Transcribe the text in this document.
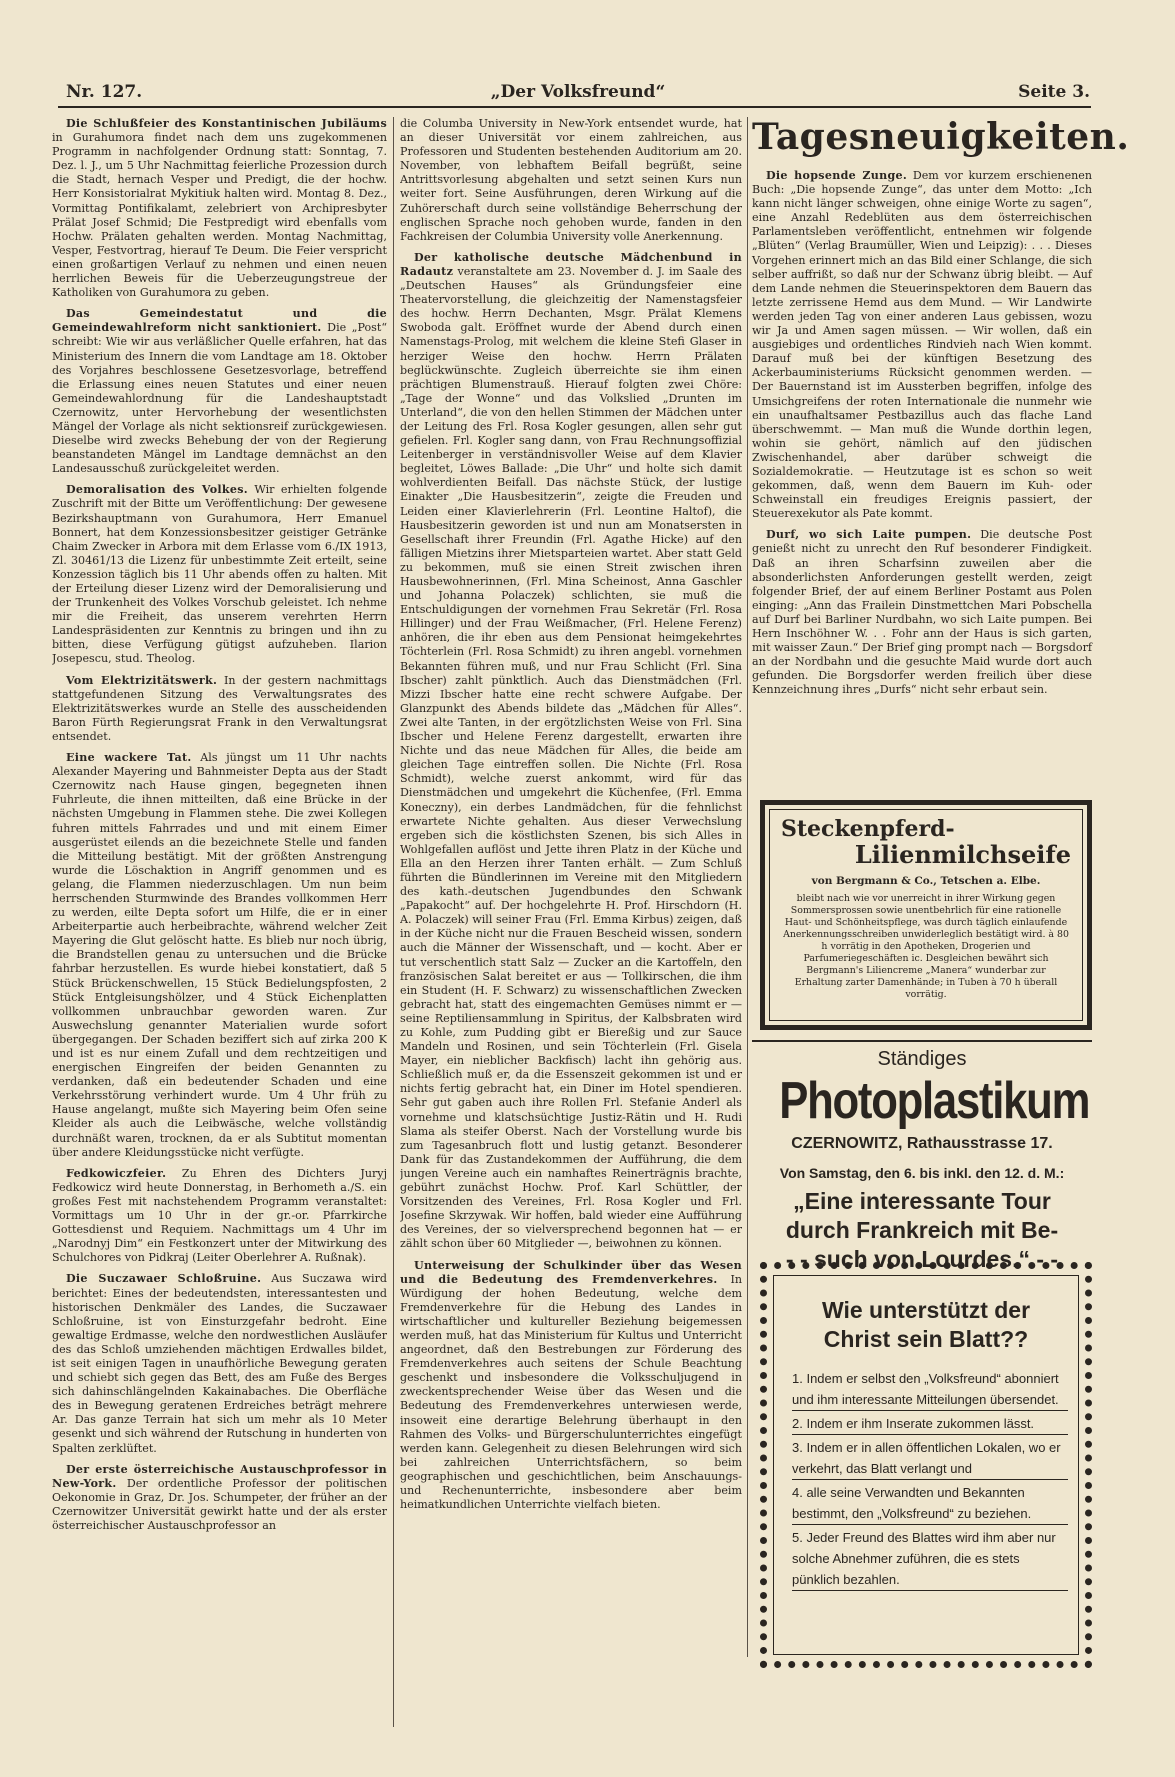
„Der Volksfreund“
Nr. 127.	Seite 3.

Die Schlußfeier des Konstantinischen Jubiläums in Gurahumora findet nach dem uns zugekommenen Programm in nachfolgender Ordnung statt: Sonntag, 7. Dez. l. J., um 5 Uhr Nachmittag feierliche Prozession durch die Stadt, hernach Vesper und Predigt, die der hochw. Herr Konsistorialrat Mykitiuk halten wird. Montag 8. Dez., Vormittag Pontifikalamt, zelebriert von Archipresbyter Prälat Josef Schmid; Die Festpredigt wird ebenfalls vom Hochw. Prälaten gehalten werden. Montag Nachmittag, Vesper, Festvortrag, hierauf Te Deum. Die Feier verspricht einen großartigen Verlauf zu nehmen und einen neuen herrlichen Beweis für die Ueberzeugungstreue der Katholiken von Gurahumora zu geben.

Das Gemeindestatut und die Gemeindewahlreform nicht sanktioniert. Die „Post“ schreibt: Wie wir aus verläßlicher Quelle erfahren, hat das Ministerium des Innern die vom Landtage am 18. Oktober des Vorjahres beschlossene Gesetzesvorlage, betreffend die Erlassung eines neuen Statutes und einer neuen Gemeindewahlordnung für die Landeshauptstadt Czernowitz, unter Hervorhebung der wesentlichsten Mängel der Vorlage als nicht sektionsreif zurückgewiesen. Dieselbe wird zwecks Behebung der von der Regierung beanstandeten Mängel im Landtage demnächst an den Landesausschuß zurückgeleitet werden.

Demoralisation des Volkes. Wir erhielten folgende Zuschrift mit der Bitte um Veröffentlichung: Der gewesene Bezirkshauptmann von Gurahumora, Herr Emanuel Bonnert, hat dem Konzessionsbesitzer geistiger Getränke Chaim Zwecker in Arbora mit dem Erlasse vom 6./IX 1913, Zl. 30461/13 die Lizenz für unbestimmte Zeit erteilt, seine Konzession täglich bis 11 Uhr abends offen zu halten. Mit der Erteilung dieser Lizenz wird der Demoralisierung und der Trunkenheit des Volkes Vorschub geleistet. Ich nehme mir die Freiheit, das unserem verehrten Herrn Landespräsidenten zur Kenntnis zu bringen und ihn zu bitten, diese Verfügung gütigst aufzuheben. Ilarion Josepescu, stud. Theolog.

Vom Elektrizitätswerk. In der gestern nachmittags stattgefundenen Sitzung des Verwaltungsrates des Elektrizitätswerkes wurde an Stelle des ausscheidenden Baron Fürth Regierungsrat Frank in den Verwaltungsrat entsendet.

Eine wackere Tat. Als jüngst um 11 Uhr nachts Alexander Mayering und Bahnmeister Depta aus der Stadt Czernowitz nach Hause gingen, begegneten ihnen Fuhrleute, die ihnen mitteilten, daß eine Brücke in der nächsten Umgebung in Flammen stehe. Die zwei Kollegen fuhren mittels Fahrrades und und mit einem Eimer ausgerüstet eilends an die bezeichnete Stelle und fanden die Mitteilung bestätigt. Mit der größten Anstrengung wurde die Löschaktion in Angriff genommen und es gelang, die Flammen niederzuschlagen. Um nun beim herrschenden Sturmwinde des Brandes vollkommen Herr zu werden, eilte Depta sofort um Hilfe, die er in einer Arbeiterpartie auch herbeibrachte, während welcher Zeit Mayering die Glut gelöscht hatte. Es blieb nur noch übrig, die Brandstellen genau zu untersuchen und die Brücke fahrbar herzustellen. Es wurde hiebei konstatiert, daß 5 Stück Brückenschwellen, 15 Stück Bedielungspfosten, 2 Stück Entgleisungshölzer, und 4 Stück Eichenplatten vollkommen unbrauchbar geworden waren. Zur Auswechslung genannter Materialien wurde sofort übergegangen. Der Schaden beziffert sich auf zirka 200 K und ist es nur einem Zufall und dem rechtzeitigen und energischen Eingreifen der beiden Genannten zu verdanken, daß ein bedeutender Schaden und eine Verkehrsstörung verhindert wurde. Um 4 Uhr früh zu Hause angelangt, mußte sich Mayering beim Ofen seine Kleider als auch die Leibwäsche, welche vollständig durchnäßt waren, trocknen, da er als Subtitut momentan über andere Kleidungsstücke nicht verfügte.

Fedkowiczfeier. Zu Ehren des Dichters Juryj Fedkowicz wird heute Donnerstag, in Berhometh a./S. ein großes Fest mit nachstehendem Programm veranstaltet: Vormittags um 10 Uhr in der gr.-or. Pfarrkirche Gottesdienst und Requiem. Nachmittags um 4 Uhr im „Narodnyj Dim“ ein Festkonzert unter der Mitwirkung des Schulchores von Pidkraj (Leiter Oberlehrer A. Rußnak).

Die Suczawaer Schloßruine. Aus Suczawa wird berichtet: Eines der bedeutendsten, interessantesten und historischen Denkmäler des Landes, die Suczawaer Schloßruine, ist von Einsturzgefahr bedroht. Eine gewaltige Erdmasse, welche den nordwestlichen Ausläufer des das Schloß umziehenden mächtigen Erdwalles bildet, ist seit einigen Tagen in unaufhörliche Bewegung geraten und schiebt sich gegen das Bett, des am Fuße des Berges sich dahinschlängelnden Kakainabaches. Die Oberfläche des in Bewegung geratenen Erdreiches beträgt mehrere Ar. Das ganze Terrain hat sich um mehr als 10 Meter gesenkt und sich während der Rutschung in hunderten von Spalten zerklüftet.

Der erste österreichische Austauschprofessor in New-York. Der ordentliche Professor der politischen Oekonomie in Graz, Dr. Jos. Schumpeter, der früher an der Czernowitzer Universität gewirkt hatte und der als erster österreichischer Austauschprofessor an

die Columba University in New-York entsendet wurde, hat an dieser Universität vor einem zahlreichen, aus Professoren und Studenten bestehenden Auditorium am 20. November, von lebhaftem Beifall begrüßt, seine Antrittsvorlesung abgehalten und setzt seinen Kurs nun weiter fort. Seine Ausführungen, deren Wirkung auf die Zuhörerschaft durch seine vollständige Beherrschung der englischen Sprache noch gehoben wurde, fanden in den Fachkreisen der Columbia University volle Anerkennung.

Der katholische deutsche Mädchenbund in Radautz veranstaltete am 23. November d. J. im Saale des „Deutschen Hauses“ als Gründungsfeier eine Theatervorstellung, die gleichzeitig der Namenstagsfeier des hochw. Herrn Dechanten, Msgr. Prälat Klemens Swoboda galt. Eröffnet wurde der Abend durch einen Namenstags-Prolog, mit welchem die kleine Stefi Glaser in herziger Weise den hochw. Herrn Prälaten beglückwünschte. Zugleich überreichte sie ihm einen prächtigen Blumenstrauß. Hierauf folgten zwei Chöre: „Tage der Wonne“ und das Volkslied „Drunten im Unterland“, die von den hellen Stimmen der Mädchen unter der Leitung des Frl. Rosa Kogler gesungen, allen sehr gut gefielen. Frl. Kogler sang dann, von Frau Rechnungsoffizial Leitenberger in verständnisvoller Weise auf dem Klavier begleitet, Löwes Ballade: „Die Uhr“ und holte sich damit wohlverdienten Beifall. Das nächste Stück, der lustige Einakter „Die Hausbesitzerin“, zeigte die Freuden und Leiden einer Klavierlehrerin (Frl. Leontine Haltof), die Hausbesitzerin geworden ist und nun am Monatsersten in Gesellschaft ihrer Freundin (Frl. Agathe Hicke) auf den fälligen Mietzins ihrer Mietsparteien wartet. Aber statt Geld zu bekommen, muß sie einen Streit zwischen ihren Hausbewohnerinnen, (Frl. Mina Scheinost, Anna Gaschler und Johanna Polaczek) schlichten, sie muß die Entschuldigungen der vornehmen Frau Sekretär (Frl. Rosa Hillinger) und der Frau Weißmacher, (Frl. Helene Ferenz) anhören, die ihr eben aus dem Pensionat heimgekehrtes Töchterlein (Frl. Rosa Schmidt) zu ihren angebl. vornehmen Bekannten führen muß, und nur Frau Schlicht (Frl. Sina Ibscher) zahlt pünktlich. Auch das Dienstmädchen (Frl. Mizzi Ibscher hatte eine recht schwere Aufgabe. Der Glanzpunkt des Abends bildete das „Mädchen für Alles“. Zwei alte Tanten, in der ergötzlichsten Weise von Frl. Sina Ibscher und Helene Ferenz dargestellt, erwarten ihre Nichte und das neue Mädchen für Alles, die beide am gleichen Tage eintreffen sollen. Die Nichte (Frl. Rosa Schmidt), welche zuerst ankommt, wird für das Dienstmädchen und umgekehrt die Küchenfee, (Frl. Emma Koneczny), ein derbes Landmädchen, für die fehnlichst erwartete Nichte gehalten. Aus dieser Verwechslung ergeben sich die köstlichsten Szenen, bis sich Alles in Wohlgefallen auflöst und Jette ihren Platz in der Küche und Ella an den Herzen ihrer Tanten erhält. — Zum Schluß führten die Bündlerinnen im Vereine mit den Mitgliedern des kath.-deutschen Jugendbundes den Schwank „Papakocht“ auf. Der hochgelehrte H. Prof. Hirschdorn (H. A. Polaczek) will seiner Frau (Frl. Emma Kirbus) zeigen, daß in der Küche nicht nur die Frauen Bescheid wissen, sondern auch die Männer der Wissenschaft, und — kocht. Aber er tut verschentlich statt Salz — Zucker an die Kartoffeln, den französischen Salat bereitet er aus — Tollkirschen, die ihm ein Student (H. F. Schwarz) zu wissenschaftlichen Zwecken gebracht hat, statt des eingemachten Gemüses nimmt er — seine Reptiliensammlung in Spiritus, der Kalbsbraten wird zu Kohle, zum Pudding gibt er Biereßig und zur Sauce Mandeln und Rosinen, und sein Töchterlein (Frl. Gisela Mayer, ein nieblicher Backfisch) lacht ihn gehörig aus. Schließlich muß er, da die Essenszeit gekommen ist und er nichts fertig gebracht hat, ein Diner im Hotel spendieren. Sehr gut gaben auch ihre Rollen Frl. Stefanie Anderl als vornehme und klatschsüchtige Justiz-Rätin und H. Rudi Slama als steifer Oberst. Nach der Vorstellung wurde bis zum Tagesanbruch flott und lustig getanzt. Besonderer Dank für das Zustandekommen der Aufführung, die dem jungen Vereine auch ein namhaftes Reinerträgnis brachte, gebührt zunächst Hochw. Prof. Karl Schüttler, der Vorsitzenden des Vereines, Frl. Rosa Kogler und Frl. Josefine Skrzywak. Wir hoffen, bald wieder eine Aufführung des Vereines, der so vielversprechend begonnen hat — er zählt schon über 60 Mitglieder —, beiwohnen zu können.

Unterweisung der Schulkinder über das Wesen und die Bedeutung des Fremdenverkehres. In Würdigung der hohen Bedeutung, welche dem Fremdenverkehre für die Hebung des Landes in wirtschaftlicher und kultureller Beziehung beigemessen werden muß, hat das Ministerium für Kultus und Unterricht angeordnet, daß den Bestrebungen zur Förderung des Fremdenverkehres auch seitens der Schule Beachtung geschenkt und insbesondere die Volksschuljugend in zweckentsprechender Weise über das Wesen und die Bedeutung des Fremdenverkehres unterwiesen werde, insoweit eine derartige Belehrung überhaupt in den Rahmen des Volks- und Bürgerschulunterrichtes eingefügt werden kann. Gelegenheit zu diesen Belehrungen wird sich bei zahlreichen Unterrichtsfächern, so beim geographischen und geschichtlichen, beim Anschauungs- und Rechenunterrichte, insbesondere aber beim heimatkundlichen Unterrichte vielfach bieten.

Tagesneuigkeiten.

Die hopsende Zunge. Dem vor kurzem erschienenen Buch: „Die hopsende Zunge“, das unter dem Motto: „Ich kann nicht länger schweigen, ohne einige Worte zu sagen“, eine Anzahl Redeblüten aus dem österreichischen Parlamentsleben veröffentlicht, entnehmen wir folgende „Blüten“ (Verlag Braumüller, Wien und Leipzig): . . . Dieses Vorgehen erinnert mich an das Bild einer Schlange, die sich selber auffrißt, so daß nur der Schwanz übrig bleibt. — Auf dem Lande nehmen die Steuerinspektoren dem Bauern das letzte zerrissene Hemd aus dem Mund. — Wir Landwirte werden jeden Tag von einer anderen Laus gebissen, wozu wir Ja und Amen sagen müssen. — Wir wollen, daß ein ausgiebiges und ordentliches Rindvieh nach Wien kommt. Darauf muß bei der künftigen Besetzung des Ackerbauministeriums Rücksicht genommen werden. — Der Bauernstand ist im Aussterben begriffen, infolge des Umsichgreifens der roten Internationale die nunmehr wie ein unaufhaltsamer Pestbazillus auch das flache Land überschwemmt. — Man muß die Wunde dorthin legen, wohin sie gehört, nämlich auf den jüdischen Zwischenhandel, aber darüber schweigt die Sozialdemokratie. — Heutzutage ist es schon so weit gekommen, daß, wenn dem Bauern im Kuh- oder Schweinstall ein freudiges Ereignis passiert, der Steuerexekutor als Pate kommt.

Durf, wo sich Laite pumpen. Die deutsche Post genießt nicht zu unrecht den Ruf besonderer Findigkeit. Daß an ihren Scharfsinn zuweilen aber die absonderlichsten Anforderungen gestellt werden, zeigt folgender Brief, der auf einem Berliner Postamt aus Polen einging: „Ann das Frailein Dinstmettchen Mari Pobschella auf Durf bei Barliner Nurdbahn, wo sich Laite pumpen. Bei Hern Inschöhner W. . . Fohr ann der Haus is sich garten, mit waisser Zaun.“ Der Brief ging prompt nach — Borgsdorf an der Nordbahn und die gesuchte Maid wurde dort auch gefunden. Die Borgsdorfer werden freilich über diese Kennzeichnung ihres „Durfs“ nicht sehr erbaut sein.

Steckenpferd-

Lilienmilchseife

von Bergmann & Co., Tetschen a. Elbe.

bleibt nach wie vor unerreicht in ihrer Wirkung gegen Sommersprossen sowie unentbehrlich für eine rationelle Haut- und Schönheitspflege, was durch täglich einlaufende Anerkennungsschreiben unwiderleglich bestätigt wird. à 80 h vorrätig in den Apotheken, Drogerien und Parfumeriegeschäften ic. Desgleichen bewährt sich Bergmann's Liliencreme „Manera“ wunderbar zur Erhaltung zarter Damenhände; in Tuben à 70 h überall vorrätig.

Ständiges

Photoplastikum

CZERNOWITZ, Rathausstrasse 17.

Von Samstag, den 6. bis inkl. den 12. d. M.:

„Eine interessante Tour

durch Frankreich mit Be-

- - such von Lourdes.“ - -

Wie unterstützt der
Christ sein Blatt??
1. Indem er selbst den „Volksfreund“ abonniert und ihm interessante Mitteilungen übersendet.
2. Indem er ihm Inserate zukommen lässt.
3. Indem er in allen öffentlichen Lokalen, wo er verkehrt, das Blatt verlangt und
4. alle seine Verwandten und Bekannten bestimmt, den „Volksfreund“ zu beziehen.
5. Jeder Freund des Blattes wird ihm aber nur solche Abnehmer zuführen, die es stets pünklich bezahlen.
